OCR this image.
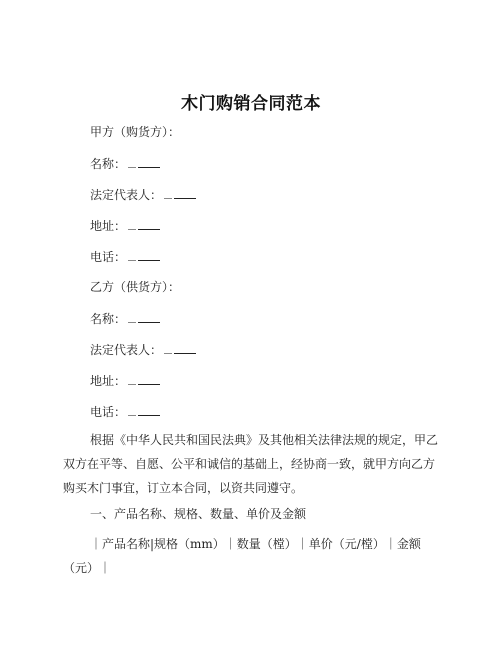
木门购销合同范本
甲方（购货方）：
名称：
法定代表人：
地址：
电话：
乙方（供货方）：
名称：
法定代表人：
地址：
电话：
根据《中华人民共和国民法典》及其他相关法律法规的规定，甲乙双方在平等、自愿、公平和诚信的基础上，经协商一致，就甲方向乙方购买木门事宜，订立本合同，以资共同遵守。
一、产品名称、规格、数量、单价及金额
｜产品名称|规格（mm）｜数量（樘）｜单价（元/樘）｜金额（元）｜
